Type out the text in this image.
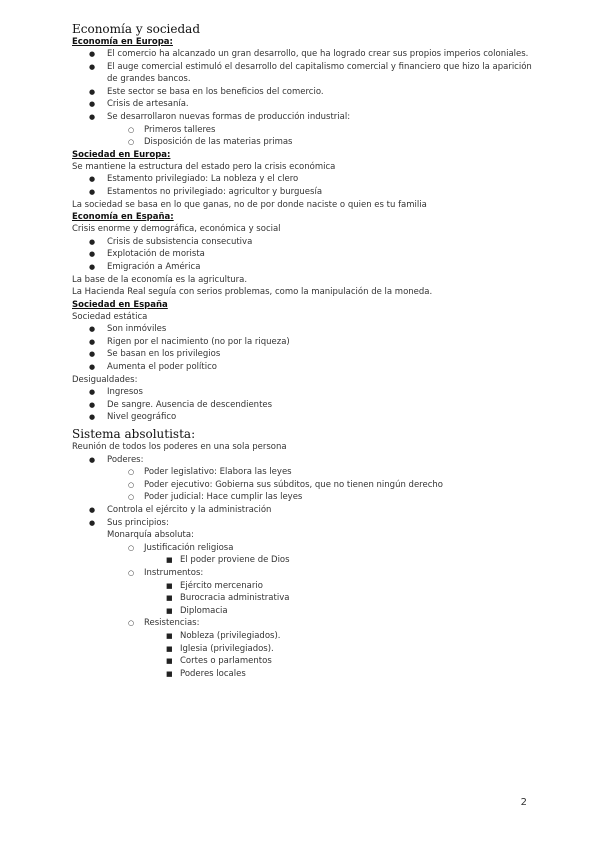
Economía y sociedad
Economía en Europa:
● El comercio ha alcanzado un gran desarrollo, que ha logrado crear sus propios imperios coloniales.
● El auge comercial estimuló el desarrollo del capitalismo comercial y financiero que hizo la aparición de grandes bancos.
● Este sector se basa en los beneficios del comercio.
● Crisis de artesanía.
● Se desarrollaron nuevas formas de producción industrial:
○ Primeros talleres
○ Disposición de las materias primas
Sociedad en Europa:
Se mantiene la estructura del estado pero la crisis económica
● Estamento privilegiado: La nobleza y el clero
● Estamentos no privilegiado: agricultor y burguesía
La sociedad se basa en lo que ganas, no de por donde naciste o quien es tu familia
Economía en España:
Crisis enorme y demográfica, económica y social
● Crisis de subsistencia consecutiva
● Explotación de morista
● Emigración a América
La base de la economía es la agricultura.
La Hacienda Real seguía con serios problemas, como la manipulación de la moneda.
Sociedad en España
Sociedad estática
● Son inmóviles
● Rigen por el nacimiento (no por la riqueza)
● Se basan en los privilegios
● Aumenta el poder político
Desigualdades:
● Ingresos
● De sangre. Ausencia de descendientes
● Nivel geográfico
Sistema absolutista:
Reunión de todos los poderes en una sola persona
● Poderes:
○ Poder legislativo: Elabora las leyes
○ Poder ejecutivo: Gobierna sus súbditos, que no tienen ningún derecho
○ Poder judicial: Hace cumplir las leyes
● Controla el ejército y la administración
● Sus principios:
Monarquía absoluta:
○ Justificación religiosa
■ El poder proviene de Dios
○ Instrumentos:
■ Ejército mercenario
■ Burocracia administrativa
■ Diplomacia
○ Resistencias:
■ Nobleza (privilegiados).
■ Iglesia (privilegiados).
■ Cortes o parlamentos
■ Poderes locales
2
